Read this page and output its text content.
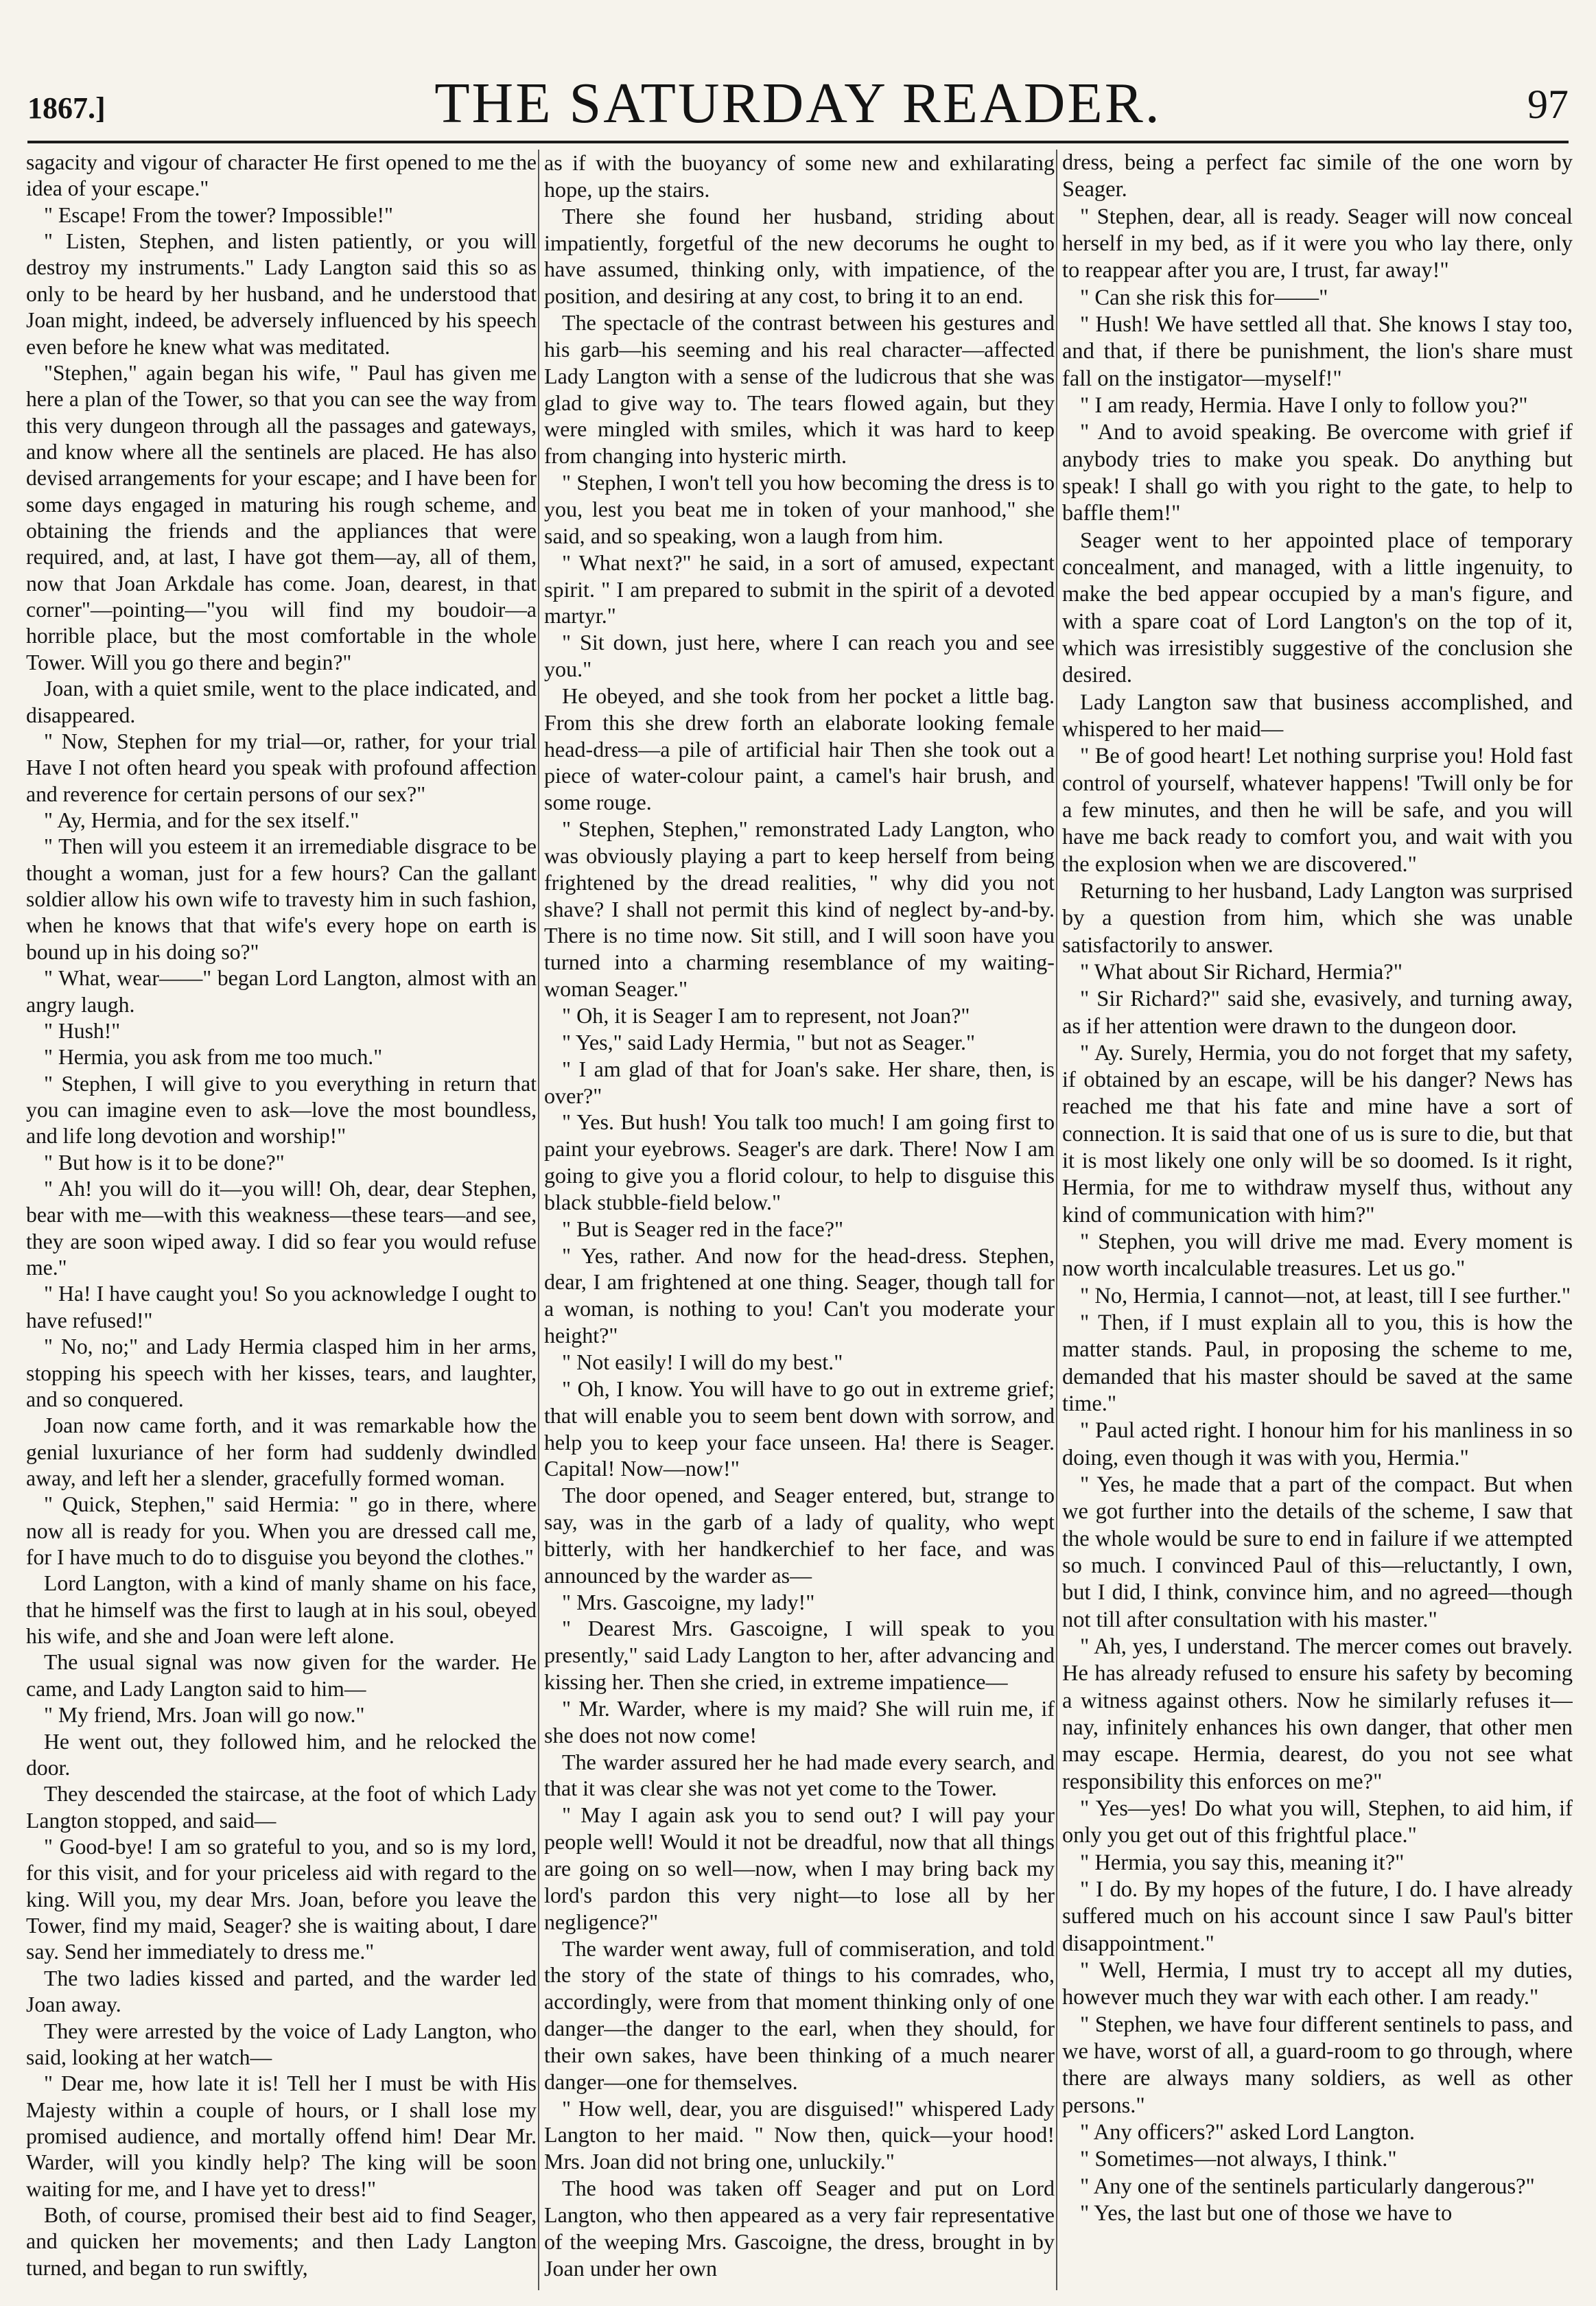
1867.]	THE SATURDAY READER.	97

sagacity and vigour of character He first opened to me the idea of your escape."

" Escape! From the tower? Impossible!"

" Listen, Stephen, and listen patiently, or you will destroy my instruments." Lady Langton said this so as only to be heard by her husband, and he understood that Joan might, indeed, be adversely influenced by his speech even before he knew what was meditated.

"Stephen," again began his wife, " Paul has given me here a plan of the Tower, so that you can see the way from this very dungeon through all the passages and gateways, and know where all the sentinels are placed. He has also devised arrangements for your escape; and I have been for some days engaged in maturing his rough scheme, and obtaining the friends and the appliances that were required, and, at last, I have got them—ay, all of them, now that Joan Arkdale has come. Joan, dearest, in that corner"—pointing—"you will find my boudoir—a horrible place, but the most comfortable in the whole Tower. Will you go there and begin?"

Joan, with a quiet smile, went to the place indicated, and disappeared.

" Now, Stephen for my trial—or, rather, for your trial Have I not often heard you speak with profound affection and reverence for certain persons of our sex?"

" Ay, Hermia, and for the sex itself."

" Then will you esteem it an irremediable disgrace to be thought a woman, just for a few hours? Can the gallant soldier allow his own wife to travesty him in such fashion, when he knows that that wife's every hope on earth is bound up in his doing so?"

" What, wear——" began Lord Langton, almost with an angry laugh.

" Hush!"

" Hermia, you ask from me too much."

" Stephen, I will give to you everything in return that you can imagine even to ask—love the most boundless, and life long devotion and worship!"

" But how is it to be done?"

" Ah! you will do it—you will! Oh, dear, dear Stephen, bear with me—with this weakness—these tears—and see, they are soon wiped away. I did so fear you would refuse me."

" Ha! I have caught you! So you acknowledge I ought to have refused!"

" No, no;" and Lady Hermia clasped him in her arms, stopping his speech with her kisses, tears, and laughter, and so conquered.

Joan now came forth, and it was remarkable how the genial luxuriance of her form had suddenly dwindled away, and left her a slender, gracefully formed woman.

" Quick, Stephen," said Hermia: " go in there, where now all is ready for you. When you are dressed call me, for I have much to do to disguise you beyond the clothes."

Lord Langton, with a kind of manly shame on his face, that he himself was the first to laugh at in his soul, obeyed his wife, and she and Joan were left alone.

The usual signal was now given for the warder. He came, and Lady Langton said to him—

" My friend, Mrs. Joan will go now."

He went out, they followed him, and he relocked the door.

They descended the staircase, at the foot of which Lady Langton stopped, and said—

" Good-bye! I am so grateful to you, and so is my lord, for this visit, and for your priceless aid with regard to the king. Will you, my dear Mrs. Joan, before you leave the Tower, find my maid, Seager? she is waiting about, I dare say. Send her immediately to dress me."

The two ladies kissed and parted, and the warder led Joan away.

They were arrested by the voice of Lady Langton, who said, looking at her watch—

" Dear me, how late it is! Tell her I must be with His Majesty within a couple of hours, or I shall lose my promised audience, and mortally offend him! Dear Mr. Warder, will you kindly help? The king will be soon waiting for me, and I have yet to dress!"

Both, of course, promised their best aid to find Seager, and quicken her movements; and then Lady Langton turned, and began to run swiftly,

as if with the buoyancy of some new and exhilarating hope, up the stairs.

There she found her husband, striding about impatiently, forgetful of the new decorums he ought to have assumed, thinking only, with impatience, of the position, and desiring at any cost, to bring it to an end.

The spectacle of the contrast between his gestures and his garb—his seeming and his real character—affected Lady Langton with a sense of the ludicrous that she was glad to give way to. The tears flowed again, but they were mingled with smiles, which it was hard to keep from changing into hysteric mirth.

" Stephen, I won't tell you how becoming the dress is to you, lest you beat me in token of your manhood," she said, and so speaking, won a laugh from him.

" What next?" he said, in a sort of amused, expectant spirit. " I am prepared to submit in the spirit of a devoted martyr."

" Sit down, just here, where I can reach you and see you."

He obeyed, and she took from her pocket a little bag. From this she drew forth an elaborate looking female head-dress—a pile of artificial hair Then she took out a piece of water-colour paint, a camel's hair brush, and some rouge.

" Stephen, Stephen," remonstrated Lady Langton, who was obviously playing a part to keep herself from being frightened by the dread realities, " why did you not shave? I shall not permit this kind of neglect by-and-by. There is no time now. Sit still, and I will soon have you turned into a charming resemblance of my waiting-woman Seager."

" Oh, it is Seager I am to represent, not Joan?"

" Yes," said Lady Hermia, " but not as Seager."

" I am glad of that for Joan's sake. Her share, then, is over?"

" Yes. But hush! You talk too much! I am going first to paint your eyebrows. Seager's are dark. There! Now I am going to give you a florid colour, to help to disguise this black stubble-field below."

" But is Seager red in the face?"

" Yes, rather. And now for the head-dress. Stephen, dear, I am frightened at one thing. Seager, though tall for a woman, is nothing to you! Can't you moderate your height?"

" Not easily! I will do my best."

" Oh, I know. You will have to go out in extreme grief; that will enable you to seem bent down with sorrow, and help you to keep your face unseen. Ha! there is Seager. Capital! Now—now!"

The door opened, and Seager entered, but, strange to say, was in the garb of a lady of quality, who wept bitterly, with her handkerchief to her face, and was announced by the warder as—

" Mrs. Gascoigne, my lady!"

" Dearest Mrs. Gascoigne, I will speak to you presently," said Lady Langton to her, after advancing and kissing her. Then she cried, in extreme impatience—

" Mr. Warder, where is my maid? She will ruin me, if she does not now come!

The warder assured her he had made every search, and that it was clear she was not yet come to the Tower.

" May I again ask you to send out? I will pay your people well! Would it not be dreadful, now that all things are going on so well—now, when I may bring back my lord's pardon this very night—to lose all by her negligence?"

The warder went away, full of commiseration, and told the story of the state of things to his comrades, who, accordingly, were from that moment thinking only of one danger—the danger to the earl, when they should, for their own sakes, have been thinking of a much nearer danger—one for themselves.

" How well, dear, you are disguised!" whispered Lady Langton to her maid. " Now then, quick—your hood! Mrs. Joan did not bring one, unluckily."

The hood was taken off Seager and put on Lord Langton, who then appeared as a very fair representative of the weeping Mrs. Gascoigne, the dress, brought in by Joan under her own

dress, being a perfect fac simile of the one worn by Seager.

" Stephen, dear, all is ready. Seager will now conceal herself in my bed, as if it were you who lay there, only to reappear after you are, I trust, far away!"

" Can she risk this for——"

" Hush! We have settled all that. She knows I stay too, and that, if there be punishment, the lion's share must fall on the instigator—myself!"

" I am ready, Hermia. Have I only to follow you?"

" And to avoid speaking. Be overcome with grief if anybody tries to make you speak. Do anything but speak! I shall go with you right to the gate, to help to baffle them!"

Seager went to her appointed place of temporary concealment, and managed, with a little ingenuity, to make the bed appear occupied by a man's figure, and with a spare coat of Lord Langton's on the top of it, which was irresistibly suggestive of the conclusion she desired.

Lady Langton saw that business accomplished, and whispered to her maid—

" Be of good heart! Let nothing surprise you! Hold fast control of yourself, whatever happens! 'Twill only be for a few minutes, and then he will be safe, and you will have me back ready to comfort you, and wait with you the explosion when we are discovered."

Returning to her husband, Lady Langton was surprised by a question from him, which she was unable satisfactorily to answer.

" What about Sir Richard, Hermia?"

" Sir Richard?" said she, evasively, and turning away, as if her attention were drawn to the dungeon door.

" Ay. Surely, Hermia, you do not forget that my safety, if obtained by an escape, will be his danger? News has reached me that his fate and mine have a sort of connection. It is said that one of us is sure to die, but that it is most likely one only will be so doomed. Is it right, Hermia, for me to withdraw myself thus, without any kind of communication with him?"

" Stephen, you will drive me mad. Every moment is now worth incalculable treasures. Let us go."

" No, Hermia, I cannot—not, at least, till I see further."

" Then, if I must explain all to you, this is how the matter stands. Paul, in proposing the scheme to me, demanded that his master should be saved at the same time."

" Paul acted right. I honour him for his manliness in so doing, even though it was with you, Hermia."

" Yes, he made that a part of the compact. But when we got further into the details of the scheme, I saw that the whole would be sure to end in failure if we attempted so much. I convinced Paul of this—reluctantly, I own, but I did, I think, convince him, and no agreed—though not till after consultation with his master."

" Ah, yes, I understand. The mercer comes out bravely. He has already refused to ensure his safety by becoming a witness against others. Now he similarly refuses it—nay, infinitely enhances his own danger, that other men may escape. Hermia, dearest, do you not see what responsibility this enforces on me?"

" Yes—yes! Do what you will, Stephen, to aid him, if only you get out of this frightful place."

" Hermia, you say this, meaning it?"

" I do. By my hopes of the future, I do. I have already suffered much on his account since I saw Paul's bitter disappointment."

" Well, Hermia, I must try to accept all my duties, however much they war with each other. I am ready."

" Stephen, we have four different sentinels to pass, and we have, worst of all, a guard-room to go through, where there are always many soldiers, as well as other persons."

" Any officers?" asked Lord Langton.

" Sometimes—not always, I think."

" Any one of the sentinels particularly dangerous?"

" Yes, the last but one of those we have to
